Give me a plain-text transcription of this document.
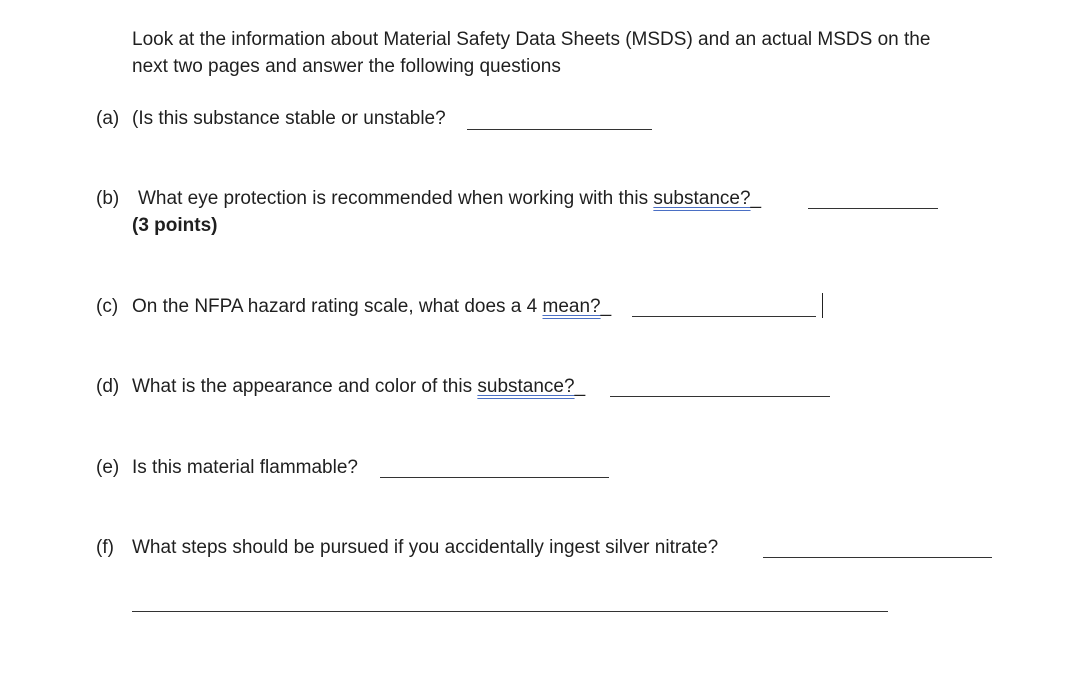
Look at the information about Material Safety Data Sheets (MSDS) and an actual MSDS on the
next two pages and answer the following questions
(a) (Is this substance stable or unstable?
(b) What eye protection is recommended when working with this substance?_
(3 points)
(c) On the NFPA hazard rating scale, what does a 4 mean?_
(d) What is the appearance and color of this substance?_
(e) Is this material flammable?
(f) What steps should be pursued if you accidentally ingest silver nitrate?
